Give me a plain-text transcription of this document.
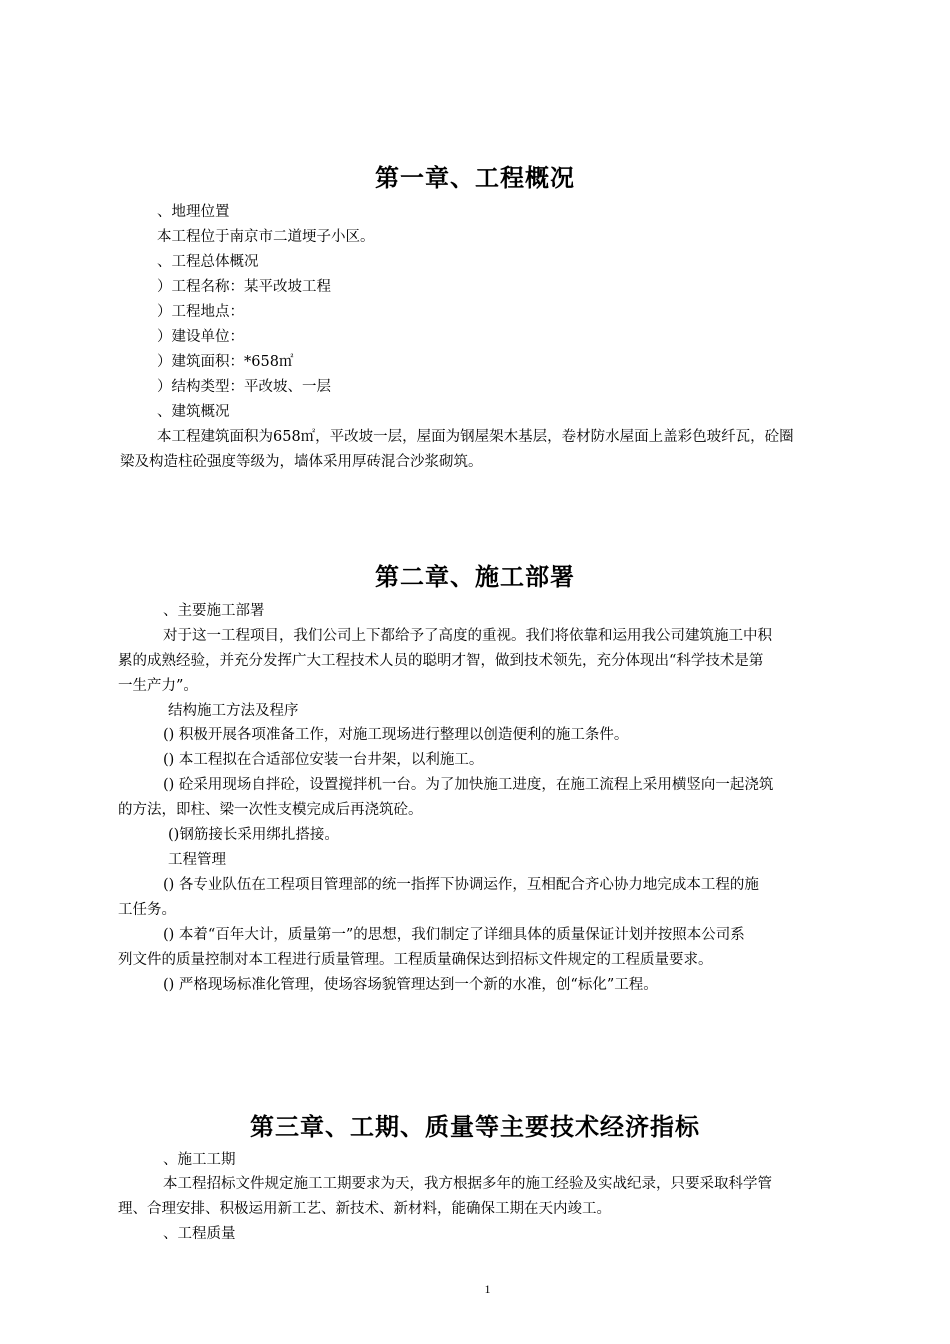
第一章、工程概况
、地理位置
本工程位于南京市二道埂子小区。
、工程总体概况
）工程名称：某平改坡工程
）工程地点：
）建设单位：
）建筑面积：*658㎡
）结构类型：平改坡、一层
、建筑概况
本工程建筑面积为658㎡，平改坡一层，屋面为钢屋架木基层，卷材防水屋面上盖彩色玻纤瓦，砼圈
梁及构造柱砼强度等级为，墙体采用厚砖混合沙浆砌筑。
第二章、施工部署
、主要施工部署
对于这一工程项目，我们公司上下都给予了高度的重视。我们将依靠和运用我公司建筑施工中积
累的成熟经验，并充分发挥广大工程技术人员的聪明才智，做到技术领先，充分体现出“科学技术是第
一生产力”。
结构施工方法及程序
() 积极开展各项准备工作，对施工现场进行整理以创造便利的施工条件。
() 本工程拟在合适部位安装一台井架，以利施工。
() 砼采用现场自拌砼，设置搅拌机一台。为了加快施工进度，在施工流程上采用横竖向一起浇筑
的方法，即柱、梁一次性支模完成后再浇筑砼。
()钢筋接长采用绑扎搭接。
工程管理
() 各专业队伍在工程项目管理部的统一指挥下协调运作，互相配合齐心协力地完成本工程的施
工任务。
() 本着“百年大计，质量第一”的思想，我们制定了详细具体的质量保证计划并按照本公司系
列文件的质量控制对本工程进行质量管理。工程质量确保达到招标文件规定的工程质量要求。
() 严格现场标准化管理，使场容场貌管理达到一个新的水准，创“标化”工程。
第三章、工期、质量等主要技术经济指标
、施工工期
本工程招标文件规定施工工期要求为天，我方根据多年的施工经验及实战纪录，只要采取科学管
理、合理安排、积极运用新工艺、新技术、新材料，能确保工期在天内竣工。
、工程质量
1
